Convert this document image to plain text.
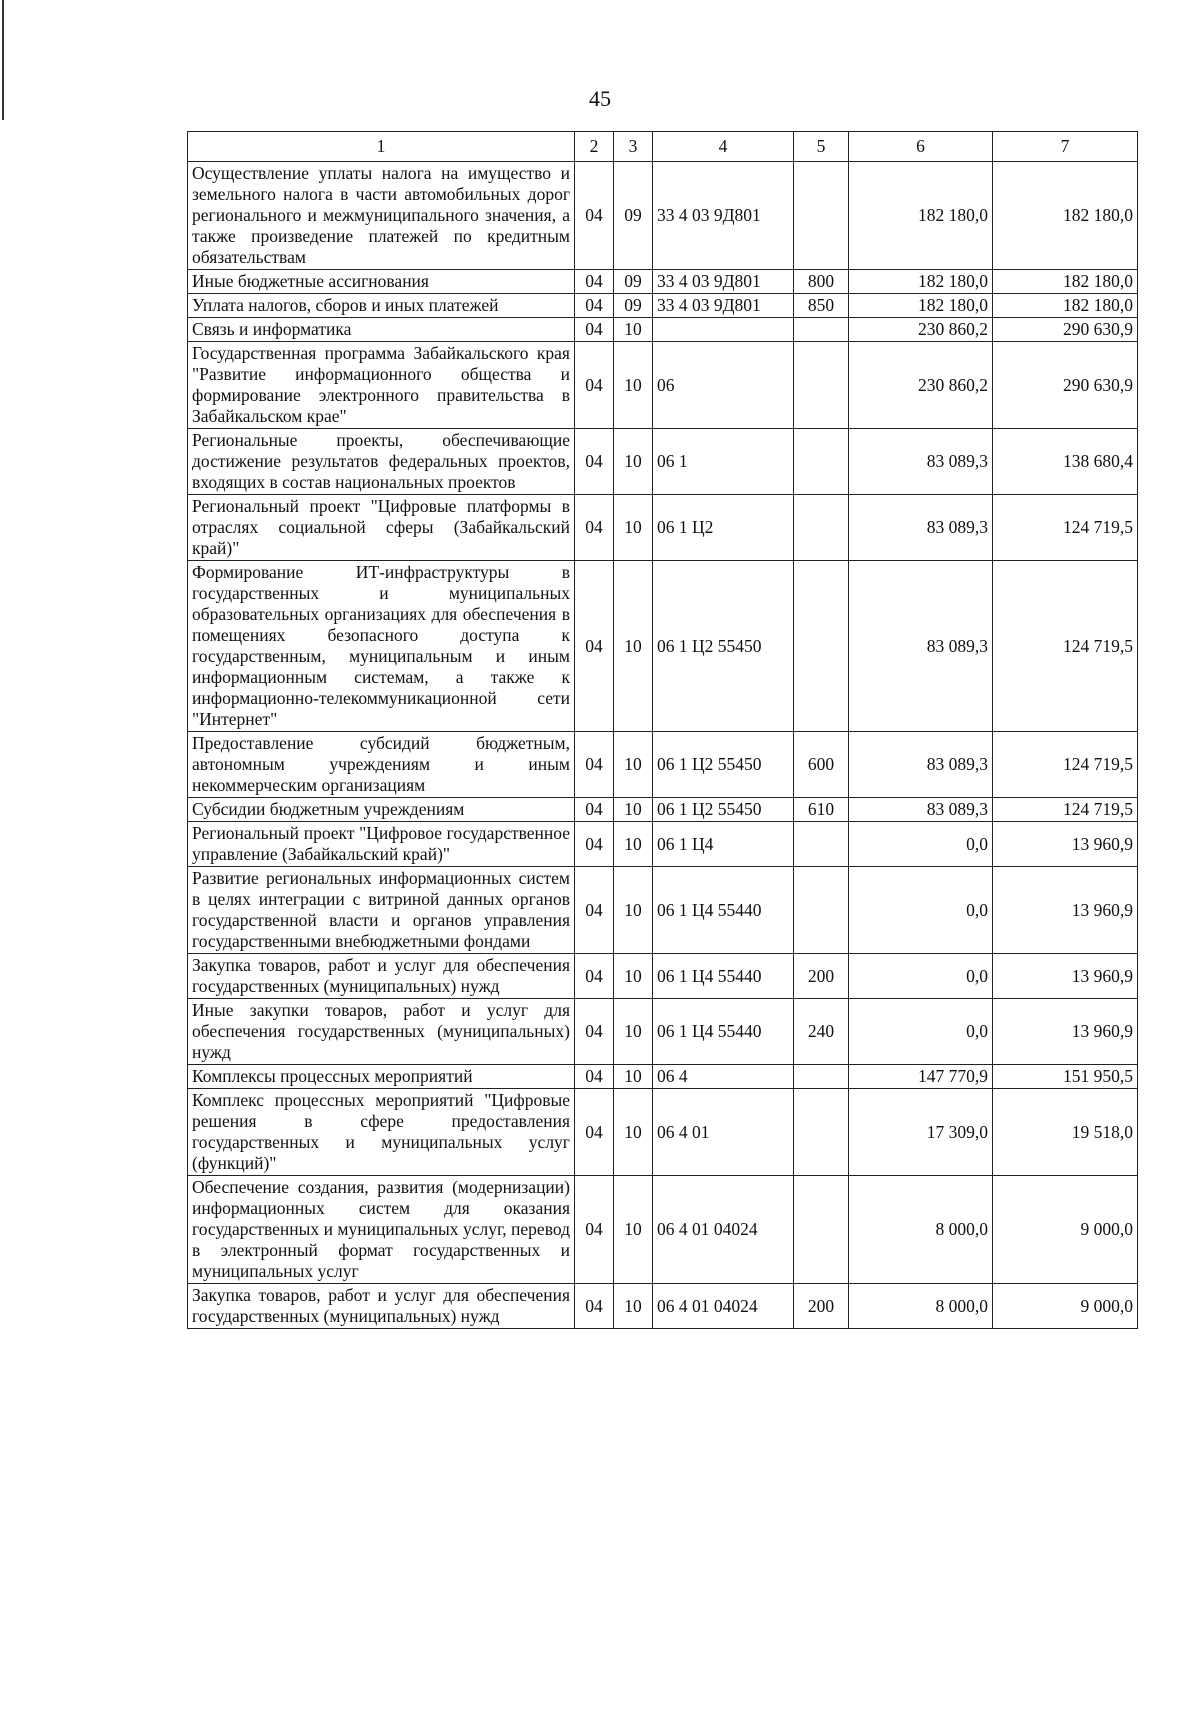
45
1	2	3	4	5	6	7
Осуществление уплаты налога на имущество и земельного налога в части автомобильных дорог регионального и межмуниципального значения, а также произведение платежей по кредитным обязательствам	04	09	33 4 03 9Д801		182 180,0	182 180,0
Иные бюджетные ассигнования	04	09	33 4 03 9Д801	800	182 180,0	182 180,0
Уплата налогов, сборов и иных платежей	04	09	33 4 03 9Д801	850	182 180,0	182 180,0
Связь и информатика	04	10			230 860,2	290 630,9
Государственная программа Забайкальского края "Развитие информационного общества и формирование электронного правительства в Забайкальском крае"	04	10	06		230 860,2	290 630,9
Региональные проекты, обеспечивающие достижение результатов федеральных проектов, входящих в состав национальных проектов	04	10	06 1		83 089,3	138 680,4
Региональный проект "Цифровые платформы в отраслях социальной сферы (Забайкальский край)"	04	10	06 1 Ц2		83 089,3	124 719,5
Формирование ИТ-инфраструктуры в государственных и муниципальных образовательных организациях для обеспечения в помещениях безопасного доступа к государственным, муниципальным и иным информационным системам, а также к информационно-телекоммуникационной сети "Интернет"	04	10	06 1 Ц2 55450		83 089,3	124 719,5
Предоставление субсидий бюджетным, автономным учреждениям и иным некоммерческим организациям	04	10	06 1 Ц2 55450	600	83 089,3	124 719,5
Субсидии бюджетным учреждениям	04	10	06 1 Ц2 55450	610	83 089,3	124 719,5
Региональный проект "Цифровое государственное управление (Забайкальский край)"	04	10	06 1 Ц4		0,0	13 960,9
Развитие региональных информационных систем в целях интеграции с витриной данных органов государственной власти и органов управления государственными внебюджетными фондами	04	10	06 1 Ц4 55440		0,0	13 960,9
Закупка товаров, работ и услуг для обеспечения государственных (муниципальных) нужд	04	10	06 1 Ц4 55440	200	0,0	13 960,9
Иные закупки товаров, работ и услуг для обеспечения государственных (муниципальных) нужд	04	10	06 1 Ц4 55440	240	0,0	13 960,9
Комплексы процессных мероприятий	04	10	06 4		147 770,9	151 950,5
Комплекс процессных мероприятий "Цифровые решения в сфере предоставления государственных и муниципальных услуг (функций)"	04	10	06 4 01		17 309,0	19 518,0
Обеспечение создания, развития (модернизации) информационных систем для оказания государственных и муниципальных услуг, перевод в электронный формат государственных и муниципальных услуг	04	10	06 4 01 04024		8 000,0	9 000,0
Закупка товаров, работ и услуг для обеспечения государственных (муниципальных) нужд	04	10	06 4 01 04024	200	8 000,0	9 000,0
